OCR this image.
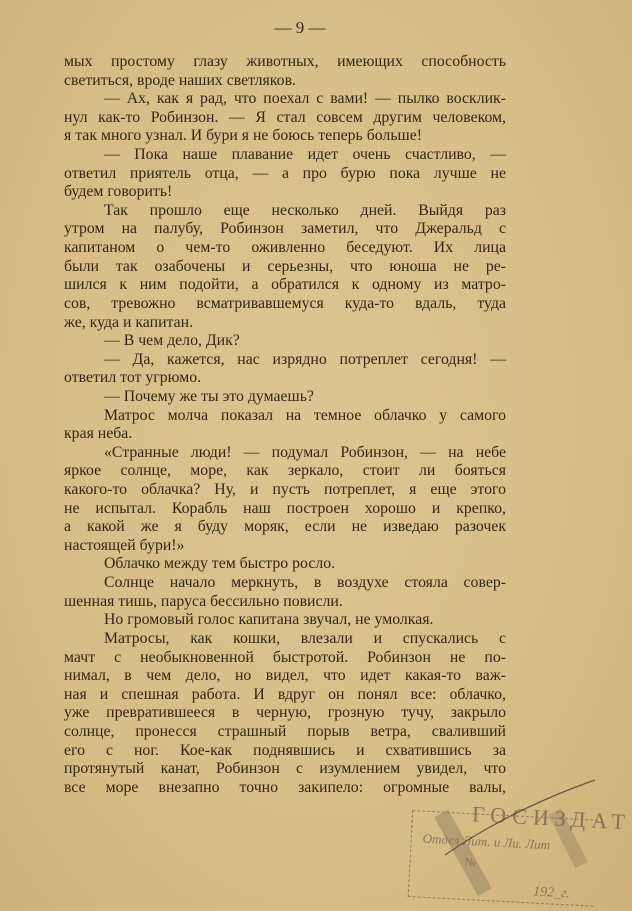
— 9 —
мых простому глазу животных, имеющих способность
светиться, вроде наших светляков.
— Ах, как я рад, что поехал с вами! — пылко восклик-
нул как-то Робинзон. — Я стал совсем другим человеком,
я так много узнал. И бури я не боюсь теперь больше!
— Пока наше плавание идет очень счастливо, —
ответил приятель отца, — а про бурю пока лучше не
будем говорить!
Так прошло еще несколько дней. Выйдя раз
утром на палубу, Робинзон заметил, что Джеральд с
капитаном о чем-то оживленно беседуют. Их лица
были так озабочены и серьезны, что юноша не ре-
шился к ним подойти, а обратился к одному из матро-
сов, тревожно всматривавшемуся куда-то вдаль, туда
же, куда и капитан.
— В чем дело, Дик?
— Да, кажется, нас изрядно потреплет сегодня! —
ответил тот угрюмо.
— Почему же ты это думаешь?
Матрос молча показал на темное облачко у самого
края неба.
«Странные люди! — подумал Робинзон, — на небе
яркое солнце, море, как зеркало, стоит ли бояться
какого-то облачка? Ну, и пусть потреплет, я еще этого
не испытал. Корабль наш построен хорошо и крепко,
а какой же я буду моряк, если не изведаю разочек
настоящей бури!»
Облачко между тем быстро росло.
Солнце начало меркнуть, в воздухе стояла совер-
шенная тишь, паруса бессильно повисли.
Но громовый голос капитана звучал, не умолкая.
Матросы, как кошки, влезали и спускались с
мачт с необыкновенной быстротой. Робинзон не по-
нимал, в чем дело, но видел, что идет какая-то важ-
ная и спешная работа. И вдруг он понял все: облачко,
уже превратившееся в черную, грозную тучу, закрыло
солнце, пронесся страшный порыв ветра, сваливший
его с ног. Кое-как поднявшись и схватившись за
протянутый канат, Робинзон с изумлением увидел, что
все море внезапно точно закипело: огромные валы,
ГОСИЗДАТ
Отдел Лит. и Ли. Лит
№
192_г.
